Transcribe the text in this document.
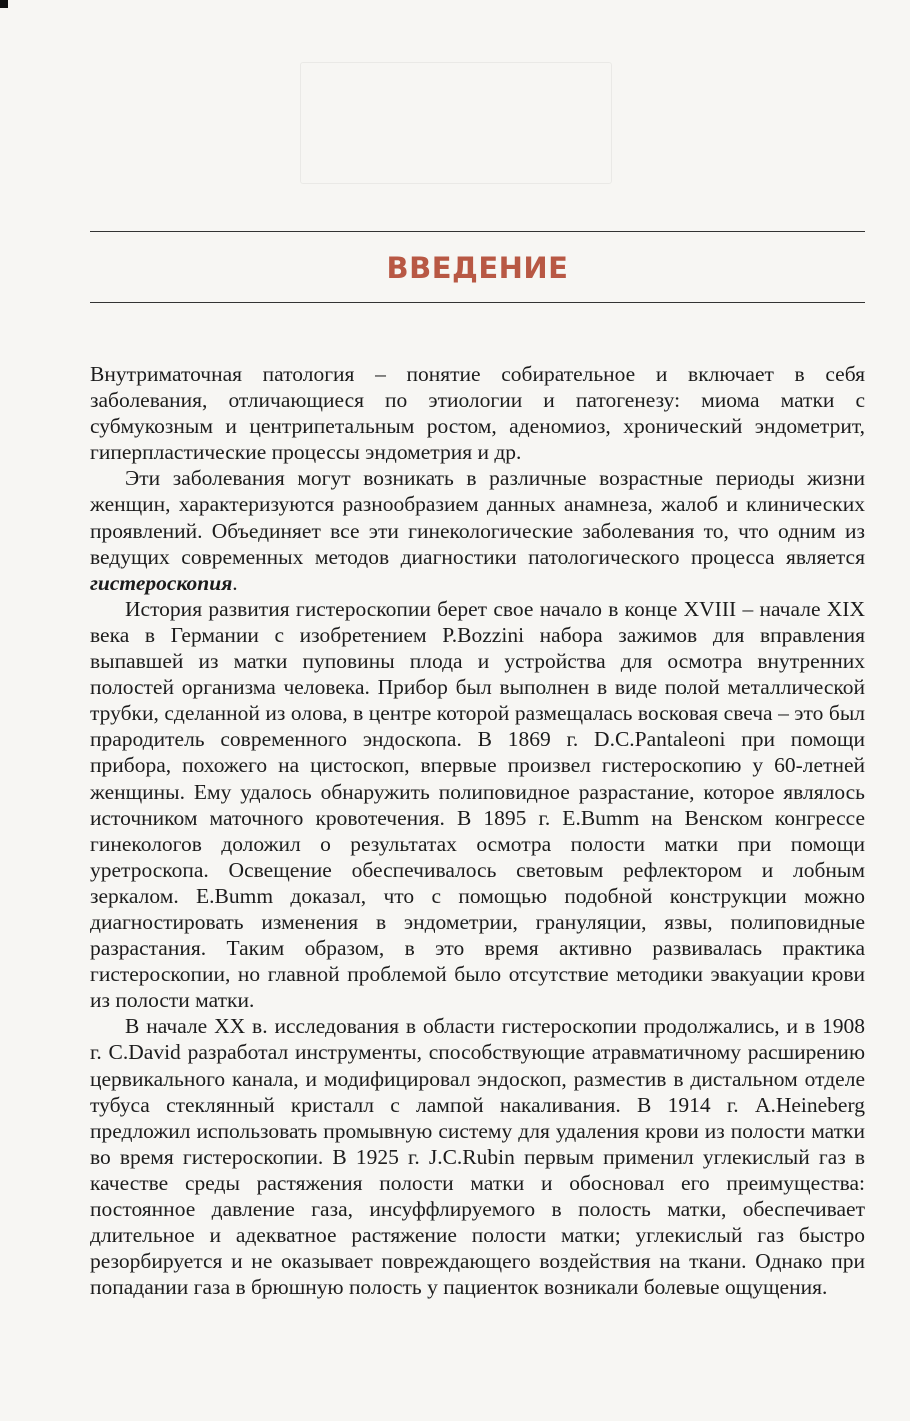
ВВЕДЕНИЕ

Внутриматочная патология – понятие собирательное и включает в себя заболевания, отличающиеся по этиологии и патогенезу: миома матки с субмукозным и центрипетальным ростом, аденомиоз, хронический эндометрит, гиперпластические процессы эндометрия и др.

Эти заболевания могут возникать в различные возрастные периоды жизни женщин, характеризуются разнообразием данных анамнеза, жалоб и клинических проявлений. Объединяет все эти гинекологические заболевания то, что одним из ведущих современных методов диагностики патологического процесса является гистероскопия.

История развития гистероскопии берет свое начало в конце XVIII – начале XIX века в Германии с изобретением P.Bozzini набора зажимов для вправления выпавшей из матки пуповины плода и устройства для осмотра внутренних полостей организма человека. Прибор был выполнен в виде полой металлической трубки, сделанной из олова, в центре которой размещалась восковая свеча – это был прародитель современного эндоскопа. В 1869 г. D.C.Pantaleoni при помощи прибора, похожего на цистоскоп, впервые произвел гистероскопию у 60-летней женщины. Ему удалось обнаружить полиповидное разрастание, которое являлось источником маточного кровотечения. В 1895 г. E.Bumm на Венском конгрессе гинекологов доложил о результатах осмотра полости матки при помощи уретроскопа. Освещение обеспечивалось световым рефлектором и лобным зеркалом. E.Bumm доказал, что с помощью подобной конструкции можно диагностировать изменения в эндометрии, грануляции, язвы, полиповидные разрастания. Таким образом, в это время активно развивалась практика гистероскопии, но главной проблемой было отсутствие методики эвакуации крови из полости матки.

В начале XX в. исследования в области гистероскопии продолжались, и в 1908 г. C.David разработал инструменты, способствующие атравматичному расширению цервикального канала, и модифицировал эндоскоп, разместив в дистальном отделе тубуса стеклянный кристалл с лампой накаливания. В 1914 г. A.Heineberg предложил использовать промывную систему для удаления крови из полости матки во время гистероскопии. В 1925 г. J.C.Rubin первым применил углекислый газ в качестве среды растяжения полости матки и обосновал его преимущества: постоянное давление газа, инсуффлируемого в полость матки, обеспечивает длительное и адекватное растяжение полости матки; углекислый газ быстро резорбируется и не оказывает повреждающего воздействия на ткани. Однако при попадании газа в брюшную полость у пациенток возникали болевые ощущения.
